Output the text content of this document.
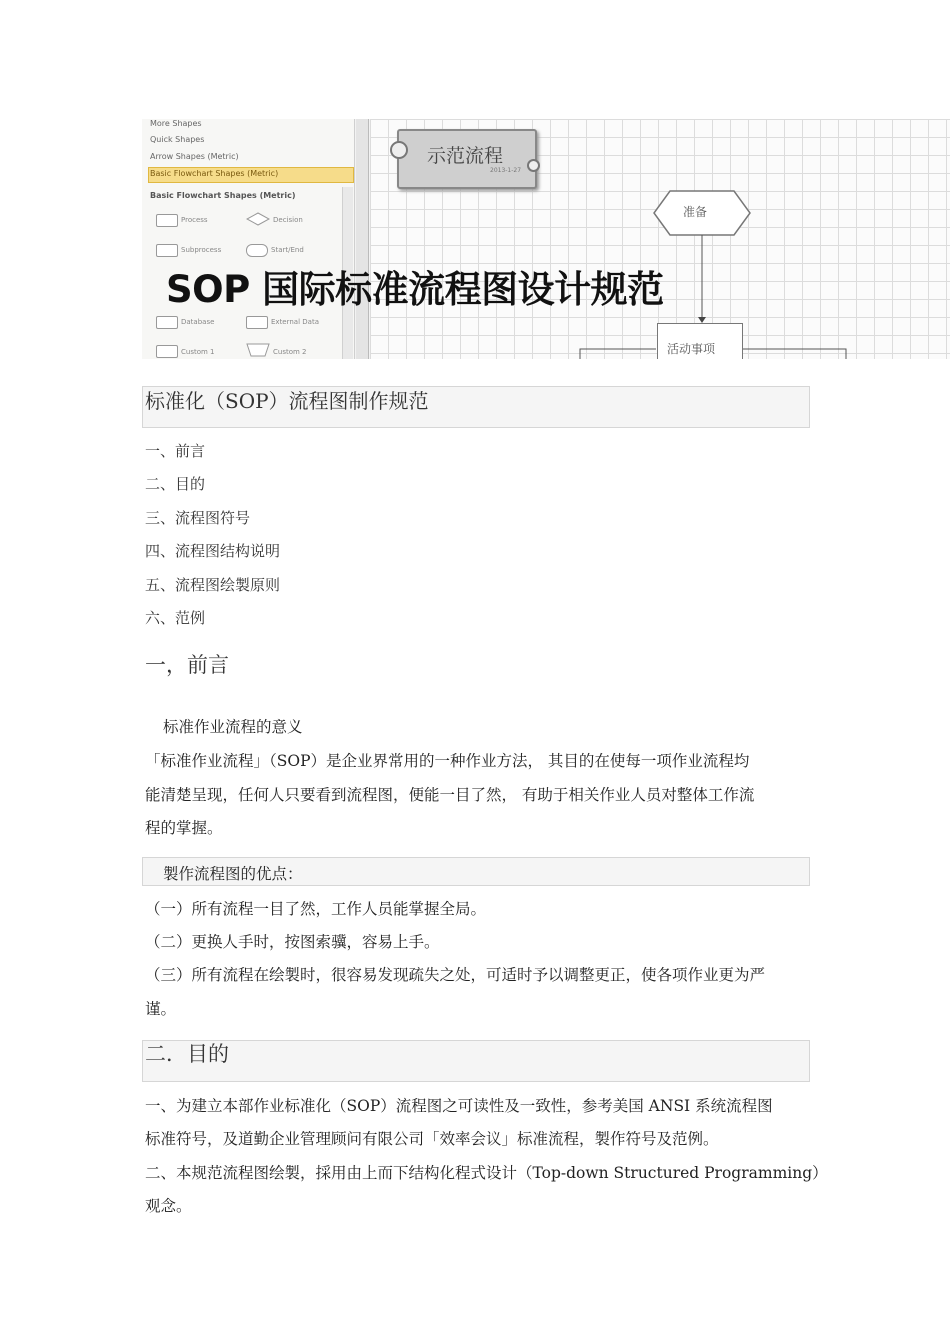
More Shapes
Quick Shapes
Arrow Shapes (Metric)
Basic Flowchart Shapes (Metric)
Basic Flowchart Shapes (Metric)
Process	Decision
Subprocess	Start/End
Database	External Data
Custom 1	Custom 2
示范流程
2013-1-27
准备
活动事项
SOP 国际标准流程图设计规范
标准化（SOP）流程图制作规范
一、前言
二、目的
三、流程图符号
四、流程图结构说明
五、流程图绘製原则
六、范例
一，前言
标准作业流程的意义
「标准作业流程」（SOP）是企业界常用的一种作业方法， 其目的在使每一项作业流程均
能清楚呈现，任何人只要看到流程图，便能一目了然， 有助于相关作业人员对整体工作流
程的掌握。
製作流程图的优点：
（一）所有流程一目了然，工作人员能掌握全局。
（二）更换人手时，按图索骥，容易上手。
（三）所有流程在绘製时，很容易发现疏失之处，可适时予以调整更正，使各项作业更为严
谨。
二．目的
一、为建立本部作业标准化（SOP）流程图之可读性及一致性，参考美国 ANSI 系统流程图
标准符号，及道勤企业管理顾问有限公司「效率会议」标准流程，製作符号及范例。
二、本规范流程图绘製，採用由上而下结构化程式设计（Top-down Structured Programming）
观念。
